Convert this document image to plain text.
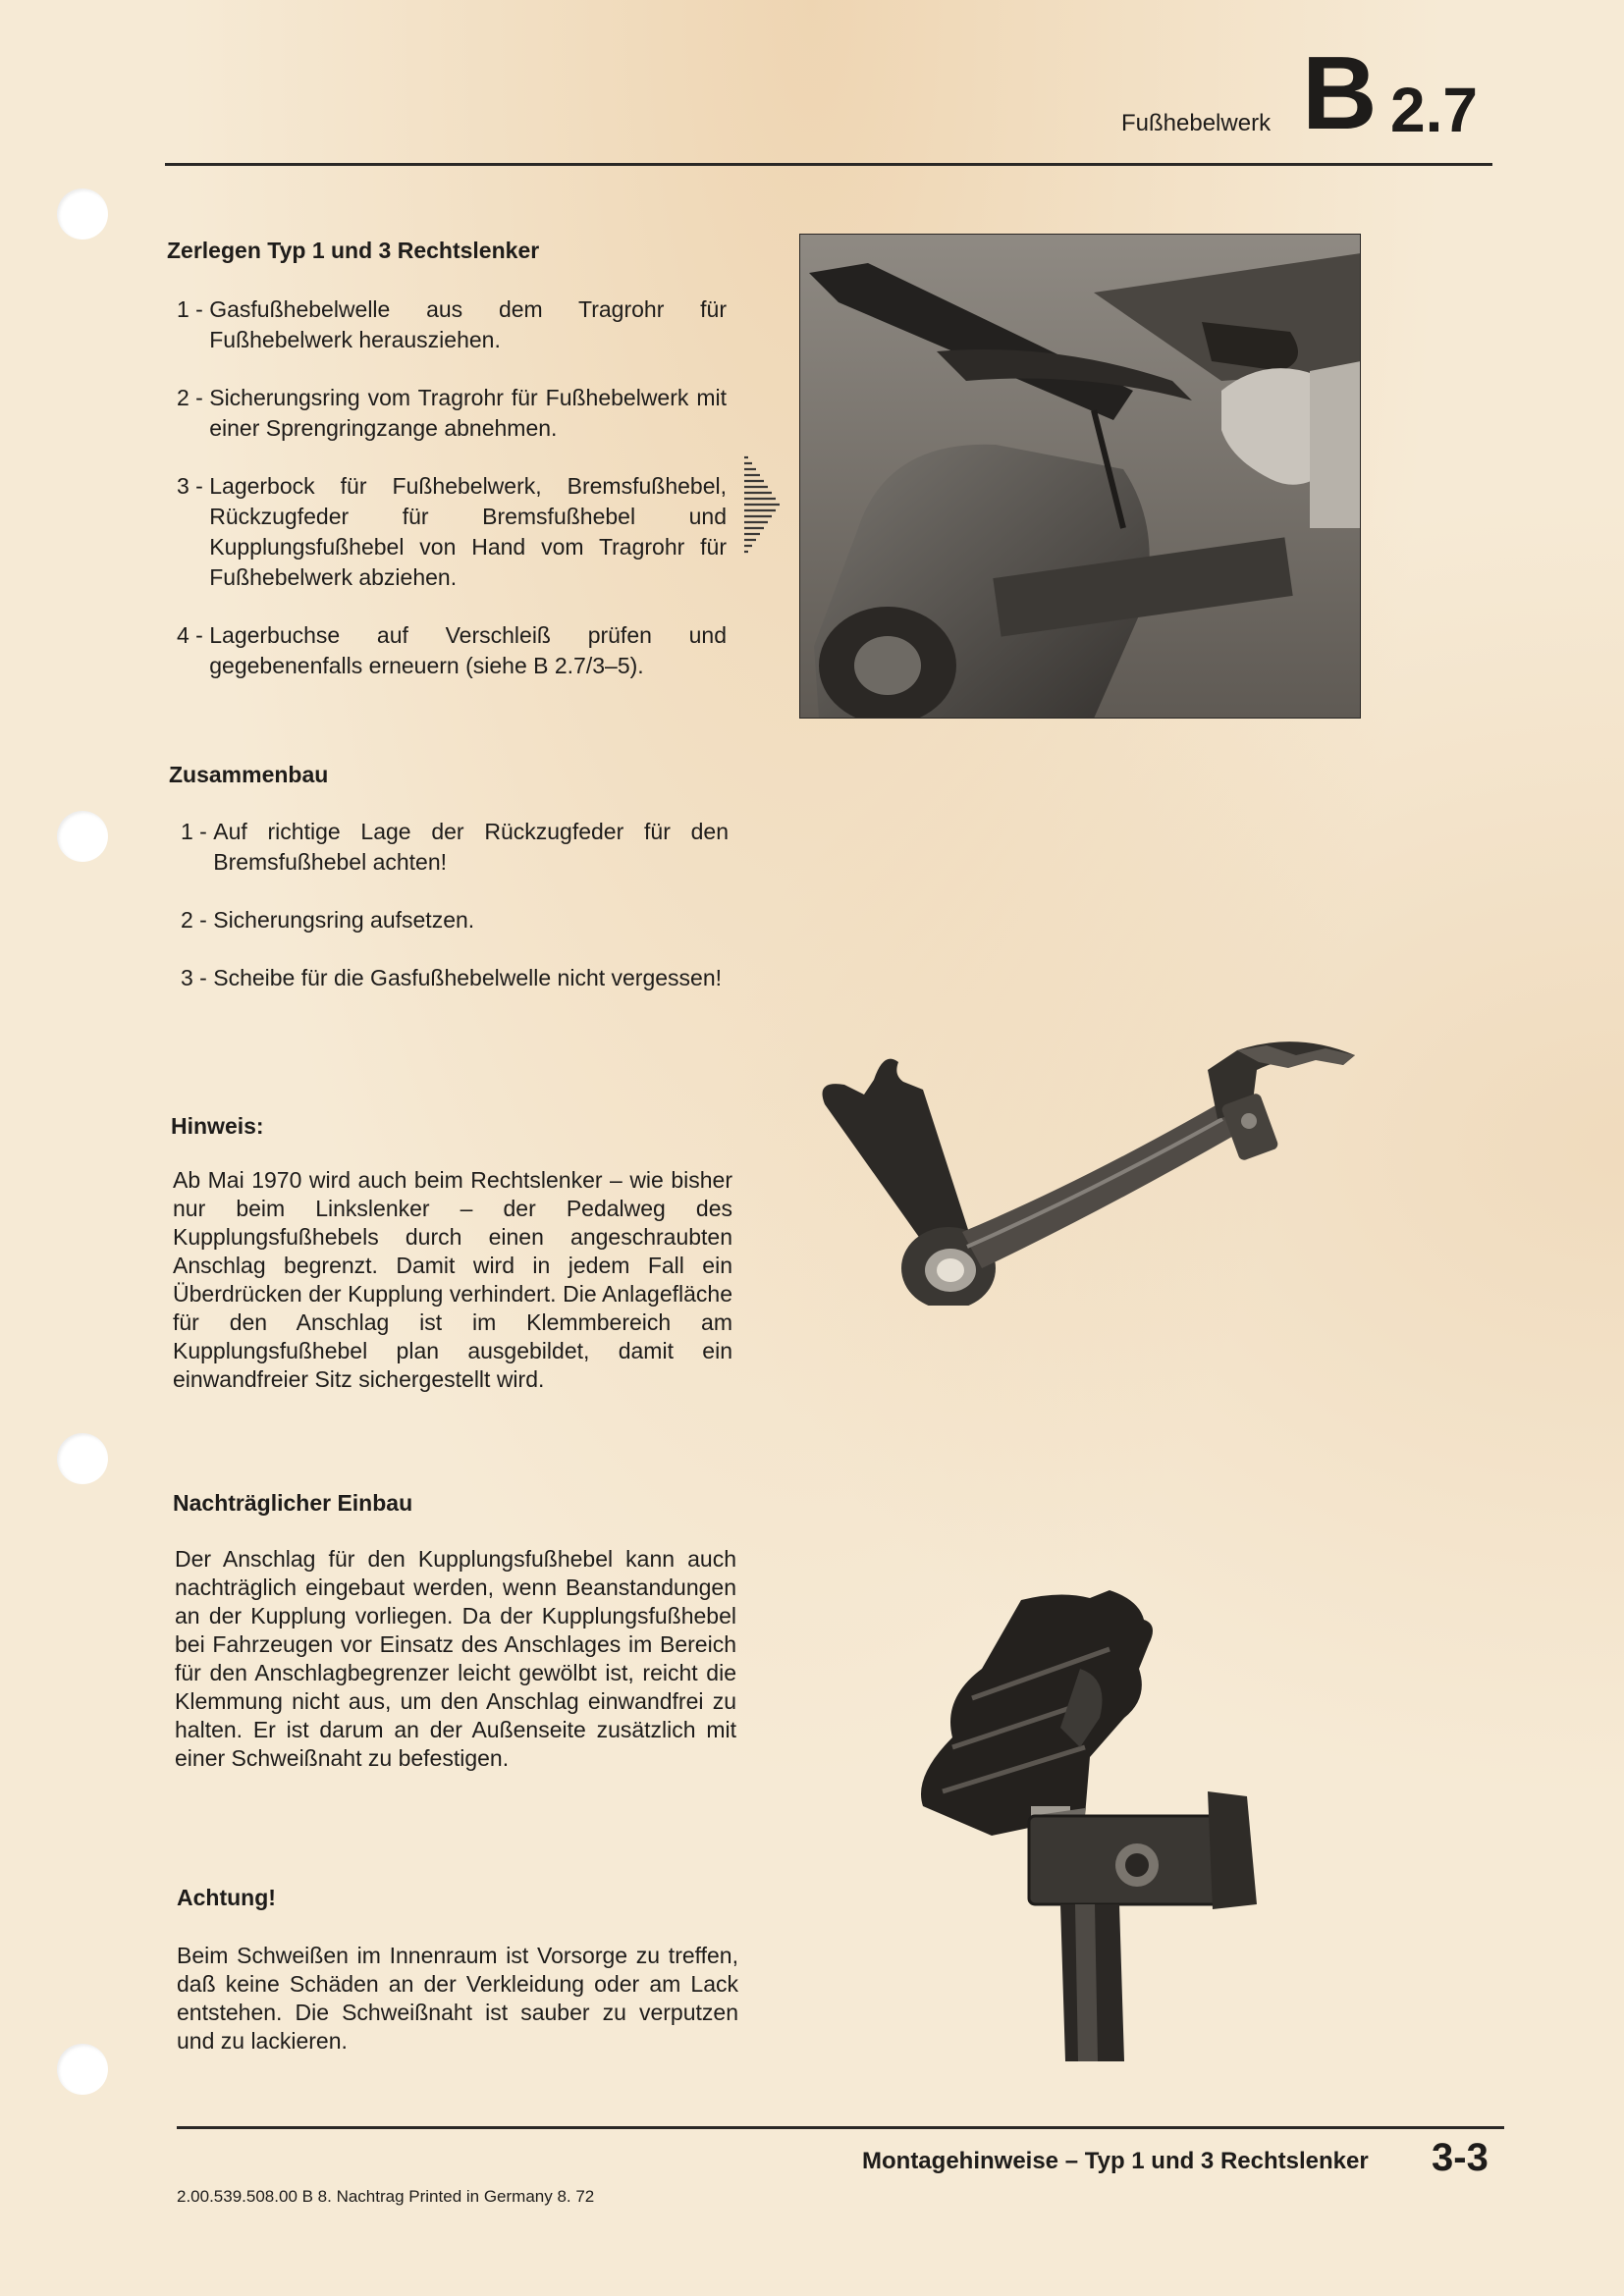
Fußhebelwerk B 2.7
Zerlegen Typ 1 und 3 Rechtslenker
1 - Gasfußhebelwelle aus dem Tragrohr für Fußhebelwerk herausziehen.
2 - Sicherungsring vom Tragrohr für Fußhebelwerk mit einer Sprengringzange abnehmen.
3 - Lagerbock für Fußhebelwerk, Bremsfußhebel, Rückzugfeder für Bremsfußhebel und Kupplungsfußhebel von Hand vom Tragrohr für Fußhebelwerk abziehen.
4 - Lagerbuchse auf Verschleiß prüfen und gegebenenfalls erneuern (siehe B 2.7/3–5).
Zusammenbau
1 - Auf richtige Lage der Rückzugfeder für den Bremsfußhebel achten!
2 - Sicherungsring aufsetzen.
3 - Scheibe für die Gasfußhebelwelle nicht vergessen!
Hinweis:

Ab Mai 1970 wird auch beim Rechtslenker – wie bisher nur beim Linkslenker – der Pedalweg des Kupplungsfußhebels durch einen angeschraubten Anschlag begrenzt. Damit wird in jedem Fall ein Überdrücken der Kupplung verhindert. Die Anlagefläche für den Anschlag ist im Klemmbereich am Kupplungsfußhebel plan ausgebildet, damit ein einwandfreier Sitz sichergestellt wird.

Nachträglicher Einbau

Der Anschlag für den Kupplungsfußhebel kann auch nachträglich eingebaut werden, wenn Beanstandungen an der Kupplung vorliegen. Da der Kupplungsfußhebel bei Fahrzeugen vor Einsatz des Anschlages im Bereich für den Anschlagbegrenzer leicht gewölbt ist, reicht die Klemmung nicht aus, um den Anschlag einwandfrei zu halten. Er ist darum an der Außenseite zusätzlich mit einer Schweißnaht zu befestigen.

Achtung!

Beim Schweißen im Innenraum ist Vorsorge zu treffen, daß keine Schäden an der Verkleidung oder am Lack entstehen. Die Schweißnaht ist sauber zu verputzen und zu lackieren.

Montagehinweise – Typ 1 und 3 Rechtslenker 3-3
2.00.539.508.00 B 8. Nachtrag Printed in Germany 8. 72
